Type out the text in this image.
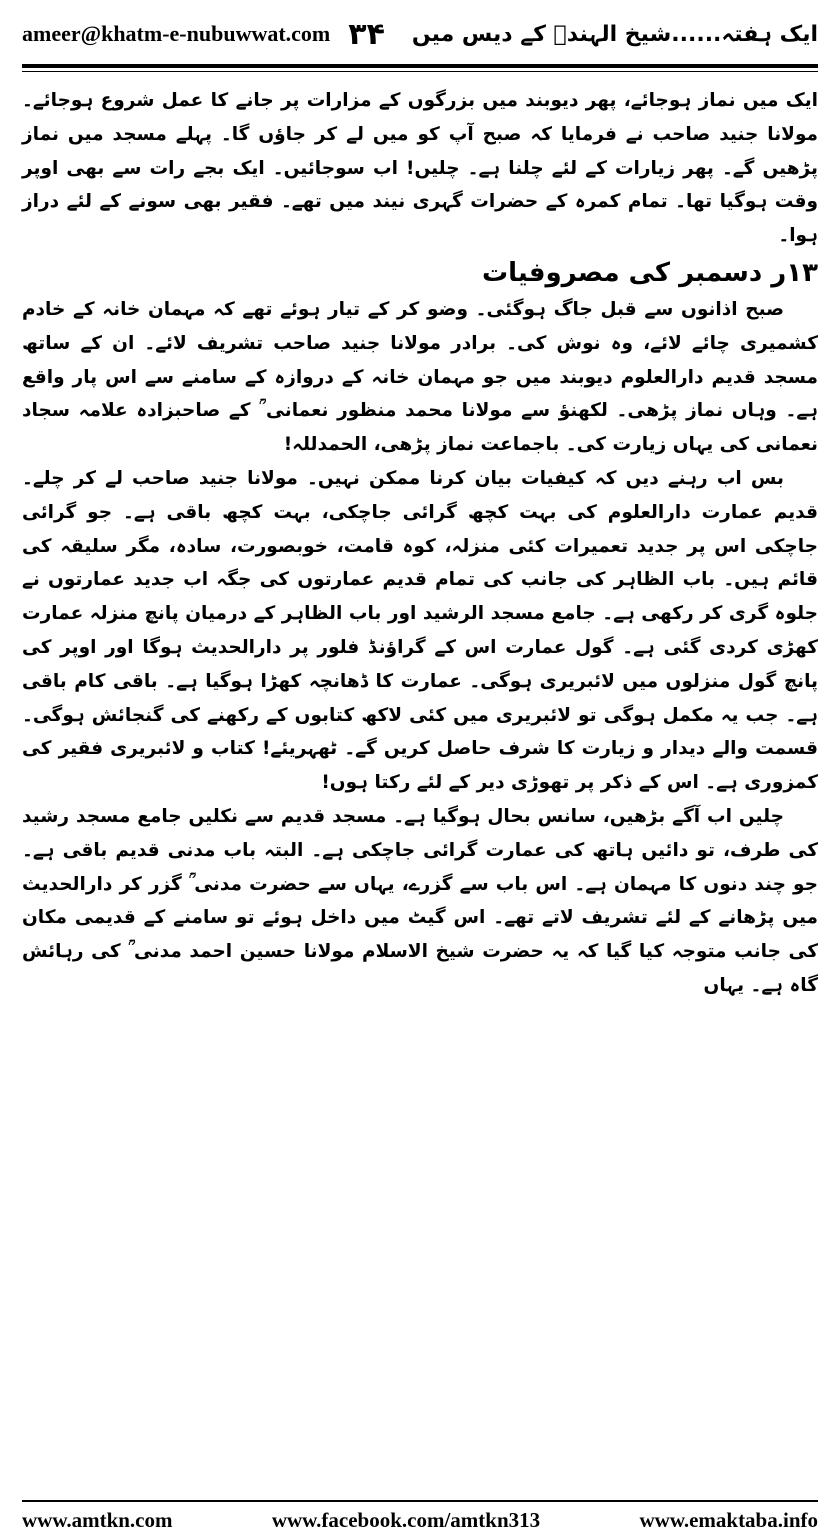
ameer@khatm-e-nubuwwat.com ۳۴ ایک ہفتہ......شیخ الہندؒ کے دیس میں

ایک میں نماز ہوجائے، پھر دیوبند میں بزرگوں کے مزارات پر جانے کا عمل شروع ہوجائے۔ مولانا جنید صاحب نے فرمایا کہ صبح آپ کو میں لے کر جاؤں گا۔ پہلے مسجد میں نماز پڑھیں گے۔ پھر زیارات کے لئے چلنا ہے۔ چلیں! اب سوجائیں۔ ایک بجے رات سے بھی اوپر وقت ہوگیا تھا۔ تمام کمرہ کے حضرات گہری نیند میں تھے۔ فقیر بھی سونے کے لئے دراز ہوا۔

۱۳ر دسمبر کی مصروفیات

صبح اذانوں سے قبل جاگ ہوگئی۔ وضو کر کے تیار ہوئے تھے کہ مہمان خانہ کے خادم کشمیری چائے لائے، وہ نوش کی۔ برادر مولانا جنید صاحب تشریف لائے۔ ان کے ساتھ مسجد قدیم دارالعلوم دیوبند میں جو مہمان خانہ کے دروازہ کے سامنے سے اس پار واقع ہے۔ وہاں نماز پڑھی۔ لکھنؤ سے مولانا محمد منظور نعمانی ؒ کے صاحبزادہ علامہ سجاد نعمانی کی یہاں زیارت کی۔ باجماعت نماز پڑھی، الحمدللہ!

بس اب رہنے دیں کہ کیفیات بیان کرنا ممکن نہیں۔ مولانا جنید صاحب لے کر چلے۔ قدیم عمارت دارالعلوم کی بہت کچھ گرائی جاچکی، بہت کچھ باقی ہے۔ جو گرائی جاچکی اس پر جدید تعمیرات کئی منزلہ، کوہ قامت، خوبصورت، سادہ، مگر سلیقہ کی قائم ہیں۔ باب الظاہر کی جانب کی تمام قدیم عمارتوں کی جگہ اب جدید عمارتوں نے جلوہ گری کر رکھی ہے۔ جامع مسجد الرشید اور باب الظاہر کے درمیان پانچ منزلہ عمارت کھڑی کردی گئی ہے۔ گول عمارت اس کے گراؤنڈ فلور پر دارالحدیث ہوگا اور اوپر کی پانچ گول منزلوں میں لائبریری ہوگی۔ عمارت کا ڈھانچہ کھڑا ہوگیا ہے۔ باقی کام باقی ہے۔ جب یہ مکمل ہوگی تو لائبریری میں کئی لاکھ کتابوں کے رکھنے کی گنجائش ہوگی۔ قسمت والے دیدار و زیارت کا شرف حاصل کریں گے۔ ٹھہریئے! کتاب و لائبریری فقیر کی کمزوری ہے۔ اس کے ذکر پر تھوڑی دیر کے لئے رکتا ہوں!

چلیں اب آگے بڑھیں، سانس بحال ہوگیا ہے۔ مسجد قدیم سے نکلیں جامع مسجد رشید کی طرف، تو دائیں ہاتھ کی عمارت گرائی جاچکی ہے۔ البتہ باب مدنی قدیم باقی ہے۔ جو چند دنوں کا مہمان ہے۔ اس باب سے گزرے، یہاں سے حضرت مدنی ؒ گزر کر دارالحدیث میں پڑھانے کے لئے تشریف لاتے تھے۔ اس گیٹ میں داخل ہوئے تو سامنے کے قدیمی مکان کی جانب متوجہ کیا گیا کہ یہ حضرت شیخ الاسلام مولانا حسین احمد مدنی ؒ کی رہائش گاہ ہے۔ یہاں

www.amtkn.com	www.facebook.com/amtkn313	www.emaktaba.info
